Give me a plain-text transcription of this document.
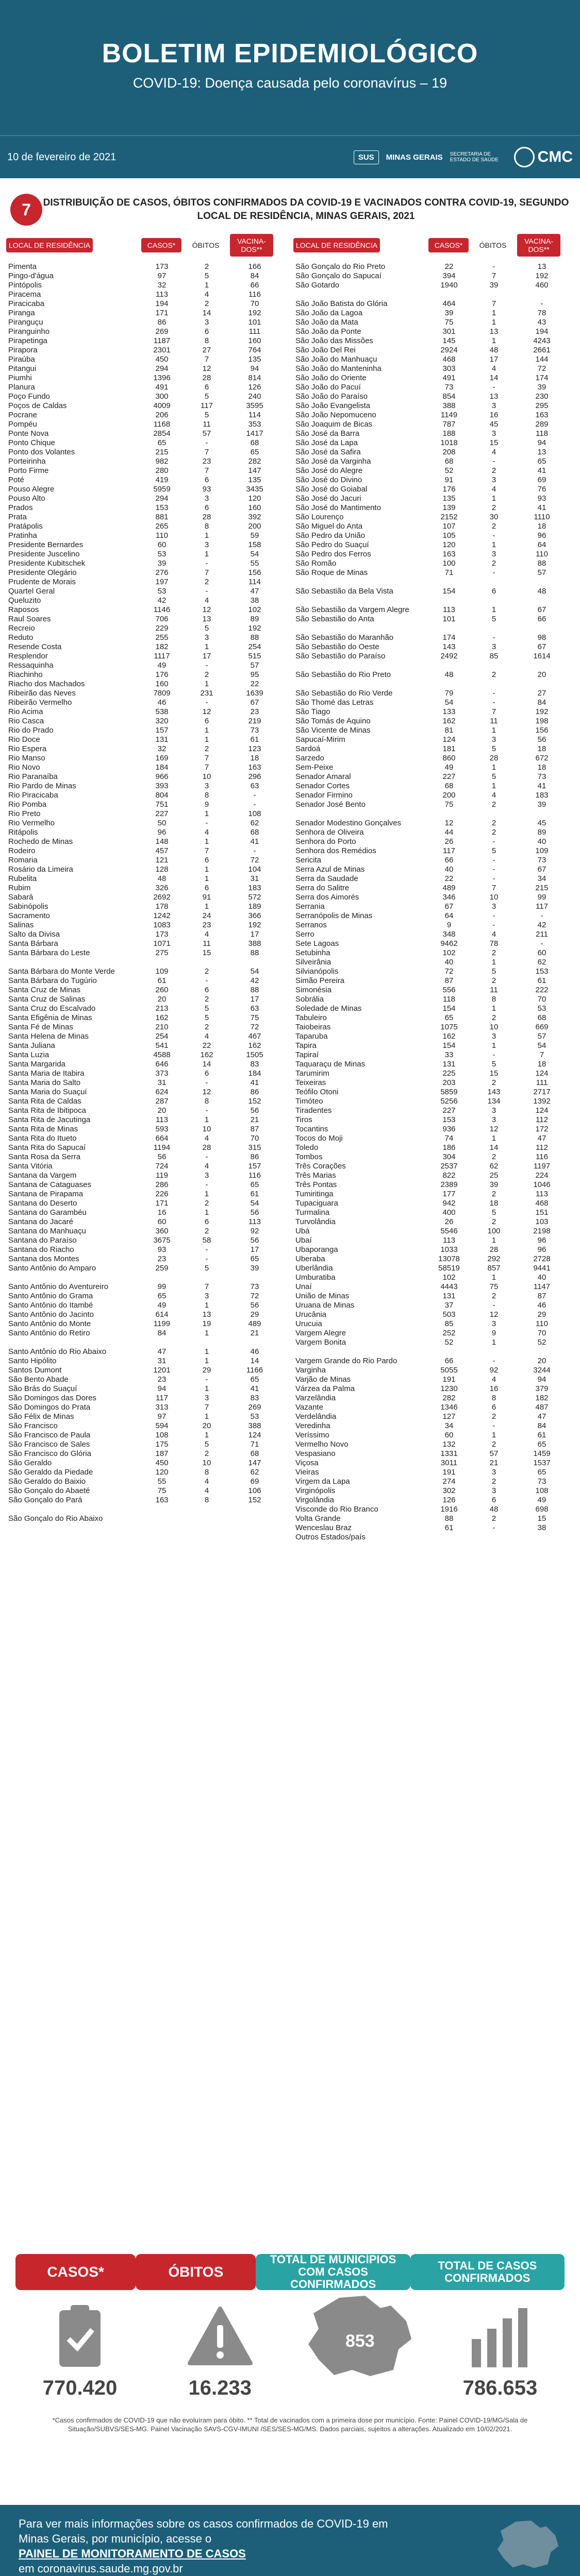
BOLETIM EPIDEMIOLÓGICO
COVID-19: Doença causada pelo coronavírus – 19
10 de fevereiro de 2021	SUS	MINAS GERAIS SECRETARIA DE ESTADO DE SAÚDE	CMC
7	DISTRIBUIÇÃO DE CASOS, ÓBITOS CONFIRMADOS DA COVID-19 E VACINADOS CONTRA COVID-19, SEGUNDO LOCAL DE RESIDÊNCIA, MINAS GERAIS, 2021
LOCAL DE RESIDÊNCIA	CASOS*	ÓBITOS	VACINA-DOS**
Pimenta	173	2	166
Pingo-d'água	97	5	84
Pintópolis	32	1	66
Piracema	113	4	116
Piracicaba	194	2	70
Piranga	171	14	192
Piranguçu	86	3	101
Piranguinho	269	6	111
Pirapetinga	1187	8	160
Pirapora	2301	27	764
Piraúba	450	7	135
Pitangui	294	12	94
Piumhi	1396	28	814
Planura	491	6	126
Poço Fundo	300	5	240
Poços de Caldas	4009	117	3595
Pocrane	206	5	114
Pompéu	1168	11	353
Ponte Nova	2854	57	1417
Ponto Chique	65	-	68
Ponto dos Volantes	215	7	65
Porteirinha	982	23	282
Porto Firme	280	7	147
Poté	419	6	135
Pouso Alegre	5959	93	3435
Pouso Alto	294	3	120
Prados	153	6	160
Prata	881	28	392
Pratápolis	265	8	200
Pratinha	110	1	59
Presidente Bernardes	60	3	158
Presidente Juscelino	53	1	54
Presidente Kubitschek	39	-	55
Presidente Olegário	276	7	156
Prudente de Morais	197	2	114
Quartel Geral	53	-	47
Queluzito	42	4	38
Raposos	1146	12	102
Raul Soares	706	13	89
Recreio	229	5	192
Reduto	255	3	88
Resende Costa	182	1	254
Resplendor	1117	17	515
Ressaquinha	49	-	57
Riachinho	176	2	95
Riacho dos Machados	160	1	22
Ribeirão das Neves	7809	231	1639
Ribeirão Vermelho	46	-	67
Rio Acima	538	12	23
Rio Casca	320	6	219
Rio do Prado	157	1	73
Rio Doce	131	1	61
Rio Espera	32	2	123
Rio Manso	169	7	18
Rio Novo	184	7	163
Rio Paranaíba	966	10	296
Rio Pardo de Minas	393	3	63
Rio Piracicaba	804	8	-
Rio Pomba	751	9	-
Rio Preto	227	1	108
Rio Vermelho	50	-	62
Ritápolis	96	4	68
Rochedo de Minas	148	1	41
Rodeiro	457	7	-
Romaria	121	6	72
Rosário da Limeira	128	1	104
Rubelita	48	1	31
Rubim	326	6	183
Sabará	2692	91	572
Sabinópolis	178	1	189
Sacramento	1242	24	366
Salinas	1083	23	192
Salto da Divisa	173	4	17
Santa Bárbara	1071	11	388
Santa Bárbara do Leste	275	15	88
Santa Bárbara do Monte Verde	109	2	54
Santa Bárbara do Tugúrio	61	-	42
Santa Cruz de Minas	260	6	88
Santa Cruz de Salinas	20	2	17
Santa Cruz do Escalvado	213	5	63
Santa Efigênia de Minas	162	5	75
Santa Fé de Minas	210	2	72
Santa Helena de Minas	254	4	467
Santa Juliana	541	22	162
Santa Luzia	4588	162	1505
Santa Margarida	646	14	83
Santa Maria de Itabira	373	6	184
Santa Maria do Salto	31	-	41
Santa Maria do Suaçuí	624	12	86
Santa Rita de Caldas	287	8	152
Santa Rita de Ibitipoca	20	-	56
Santa Rita de Jacutinga	113	1	21
Santa Rita de Minas	593	10	87
Santa Rita do Itueto	664	4	70
Santa Rita do Sapucaí	1194	28	315
Santa Rosa da Serra	56	-	86
Santa Vitória	724	4	157
Santana da Vargem	119	3	116
Santana de Cataguases	286	-	65
Santana de Pirapama	226	1	61
Santana do Deserto	171	2	54
Santana do Garambéu	16	1	56
Santana do Jacaré	60	6	113
Santana do Manhuaçu	360	2	92
Santana do Paraíso	3675	58	56
Santana do Riacho	93	-	17
Santana dos Montes	23	-	65
Santo Antônio do Amparo	259	5	39
Santo Antônio do Aventureiro	99	7	73
Santo Antônio do Grama	65	3	72
Santo Antônio do Itambé	49	1	56
Santo Antônio do Jacinto	614	13	29
Santo Antônio do Monte	1199	19	489
Santo Antônio do Retiro	84	1	21
Santo Antônio do Rio Abaixo	47	1	46
Santo Hipólito	31	1	14
Santos Dumont	1201	29	1166
São Bento Abade	23	-	65
São Brás do Suaçuí	94	1	41
São Domingos das Dores	117	3	83
São Domingos do Prata	313	7	269
São Félix de Minas	97	1	53
São Francisco	594	20	388
São Francisco de Paula	108	1	124
São Francisco de Sales	175	5	71
São Francisco do Glória	187	2	68
São Geraldo	450	10	147
São Geraldo da Piedade	120	8	62
São Geraldo do Baixio	55	4	69
São Gonçalo do Abaeté	75	4	106
São Gonçalo do Pará	163	8	152
São Gonçalo do Rio Abaixo
LOCAL DE RESIDÊNCIA	CASOS*	ÓBITOS	VACINA-DOS**
São Gonçalo do Rio Preto	22	-	13
São Gonçalo do Sapucaí	394	7	192
São Gotardo	1940	39	460
São João Batista do Glória	464	7	-
São João da Lagoa	39	1	78
São João da Mata	75	1	43
São João da Ponte	301	13	194
São João das Missões	145	1	4243
São João Del Rei	2924	48	2661
São João do Manhuaçu	468	17	144
São João do Manteninha	303	4	72
São João do Oriente	491	14	174
São João do Pacuí	73	-	39
São João do Paraíso	854	13	230
São João Evangelista	388	3	295
São João Nepomuceno	1149	16	163
São Joaquim de Bicas	787	45	289
São José da Barra	188	3	118
São José da Lapa	1018	15	94
São José da Safira	208	4	13
São José da Varginha	68	-	65
São José do Alegre	52	2	41
São José do Divino	91	3	69
São José do Goiabal	176	4	76
São José do Jacuri	135	1	93
São José do Mantimento	139	2	41
São Lourenço	2152	30	1110
São Miguel do Anta	107	2	18
São Pedro da União	105	-	96
São Pedro do Suaçuí	120	1	64
São Pedro dos Ferros	163	3	110
São Romão	100	2	88
São Roque de Minas	71	-	57
São Sebastião da Bela Vista	154	6	48
São Sebastião da Vargem Alegre	113	1	67
São Sebastião do Anta	101	5	66
São Sebastião do Maranhão	174	-	98
São Sebastião do Oeste	143	3	67
São Sebastião do Paraíso	2492	85	1614
São Sebastião do Rio Preto	48	2	20
São Sebastião do Rio Verde	79	-	27
São Thomé das Letras	54	-	84
São Tiago	133	7	192
São Tomás de Aquino	162	11	198
São Vicente de Minas	81	1	156
Sapucaí-Mirim	124	3	56
Sardoá	181	5	18
Sarzedo	860	28	672
Sem-Peixe	49	1	18
Senador Amaral	227	5	73
Senador Cortes	68	1	41
Senador Firmino	200	4	183
Senador José Bento	75	2	39
Senador Modestino Gonçalves	12	2	45
Senhora de Oliveira	44	2	89
Senhora do Porto	26	-	40
Senhora dos Remédios	117	5	109
Sericita	66	-	73
Serra Azul de Minas	40	-	67
Serra da Saudade	22	-	34
Serra do Salitre	489	7	215
Serra dos Aimorés	346	10	99
Serrania	67	3	117
Serranópolis de Minas	64	-	-
Serranos	9	-	42
Serro	348	4	211
Sete Lagoas	9462	78	-
Setubinha	102	2	60
Silveirânia	40	1	62
Silvianópolis	72	5	153
Simão Pereira	87	2	61
Simonésia	556	11	222
Sobrália	118	8	70
Soledade de Minas	154	1	53
Tabuleiro	65	2	68
Taiobeiras	1075	10	669
Taparuba	162	3	57
Tapira	154	1	54
Tapiraí	33	-	7
Taquaraçu de Minas	131	5	18
Tarumirim	225	15	124
Teixeiras	203	2	111
Teófilo Otoni	5859	143	2717
Timóteo	5256	134	1392
Tiradentes	227	3	124
Tiros	153	3	112
Tocantins	936	12	172
Tocos do Moji	74	1	47
Toledo	186	14	112
Tombos	304	2	116
Três Corações	2537	62	1197
Três Marias	822	25	224
Três Pontas	2389	39	1046
Tumiritinga	177	2	113
Tupaciguara	942	18	468
Turmalina	400	5	151
Turvolândia	26	2	103
Ubá	5546	100	2198
Ubaí	113	1	96
Ubaporanga	1033	28	96
Uberaba	13078	292	2728
Uberlândia	58519	857	9441
Umburatiba	102	1	40
Unaí	4443	75	1147
União de Minas	131	2	87
Uruana de Minas	37	-	46
Urucânia	503	12	29
Urucuia	85	3	110
Vargem Alegre	252	9	70
Vargem Bonita	52	1	52
Vargem Grande do Rio Pardo	66	-	20
Varginha	5055	92	3244
Varjão de Minas	191	4	94
Várzea da Palma	1230	16	379
Varzelândia	282	8	182
Vazante	1346	6	487
Verdelândia	127	2	47
Veredinha	34	-	84
Veríssimo	60	1	61
Vermelho Novo	132	2	65
Vespasiano	1331	57	1459
Viçosa	3011	21	1537
Vieiras	191	3	65
Virgem da Lapa	274	2	73
Virginópolis	302	3	108
Virgolândia	126	6	49
Visconde do Rio Branco	1916	48	698
Volta Grande	88	2	15
Wenceslau Braz	61	-	38
Outros Estados/país
CASOS*	ÓBITOS
TOTAL DE MUNICÍPIOS COM CASOS CONFIRMADOS
TOTAL DE CASOS CONFIRMADOS
770.420	16.233
853
786.653
*Casos confirmados de COVID-19 que não evoluíram para óbito. ** Total de vacinados com a primeira dose por município. Fonte: Painel COVID-19/MG/Sala de Situação/SUBVS/SES-MG. Painel Vacinação SAVS-CGV-IMUNI /SES/SES-MG/MS. Dados parciais, sujeitos a alterações. Atualizado em 10/02/2021.
Para ver mais informações sobre os casos confirmados de COVID-19 em
Minas Gerais, por município, acesse o
PAINEL DE MONITORAMENTO DE CASOS
em coronavirus.saude.mg.gov.br
